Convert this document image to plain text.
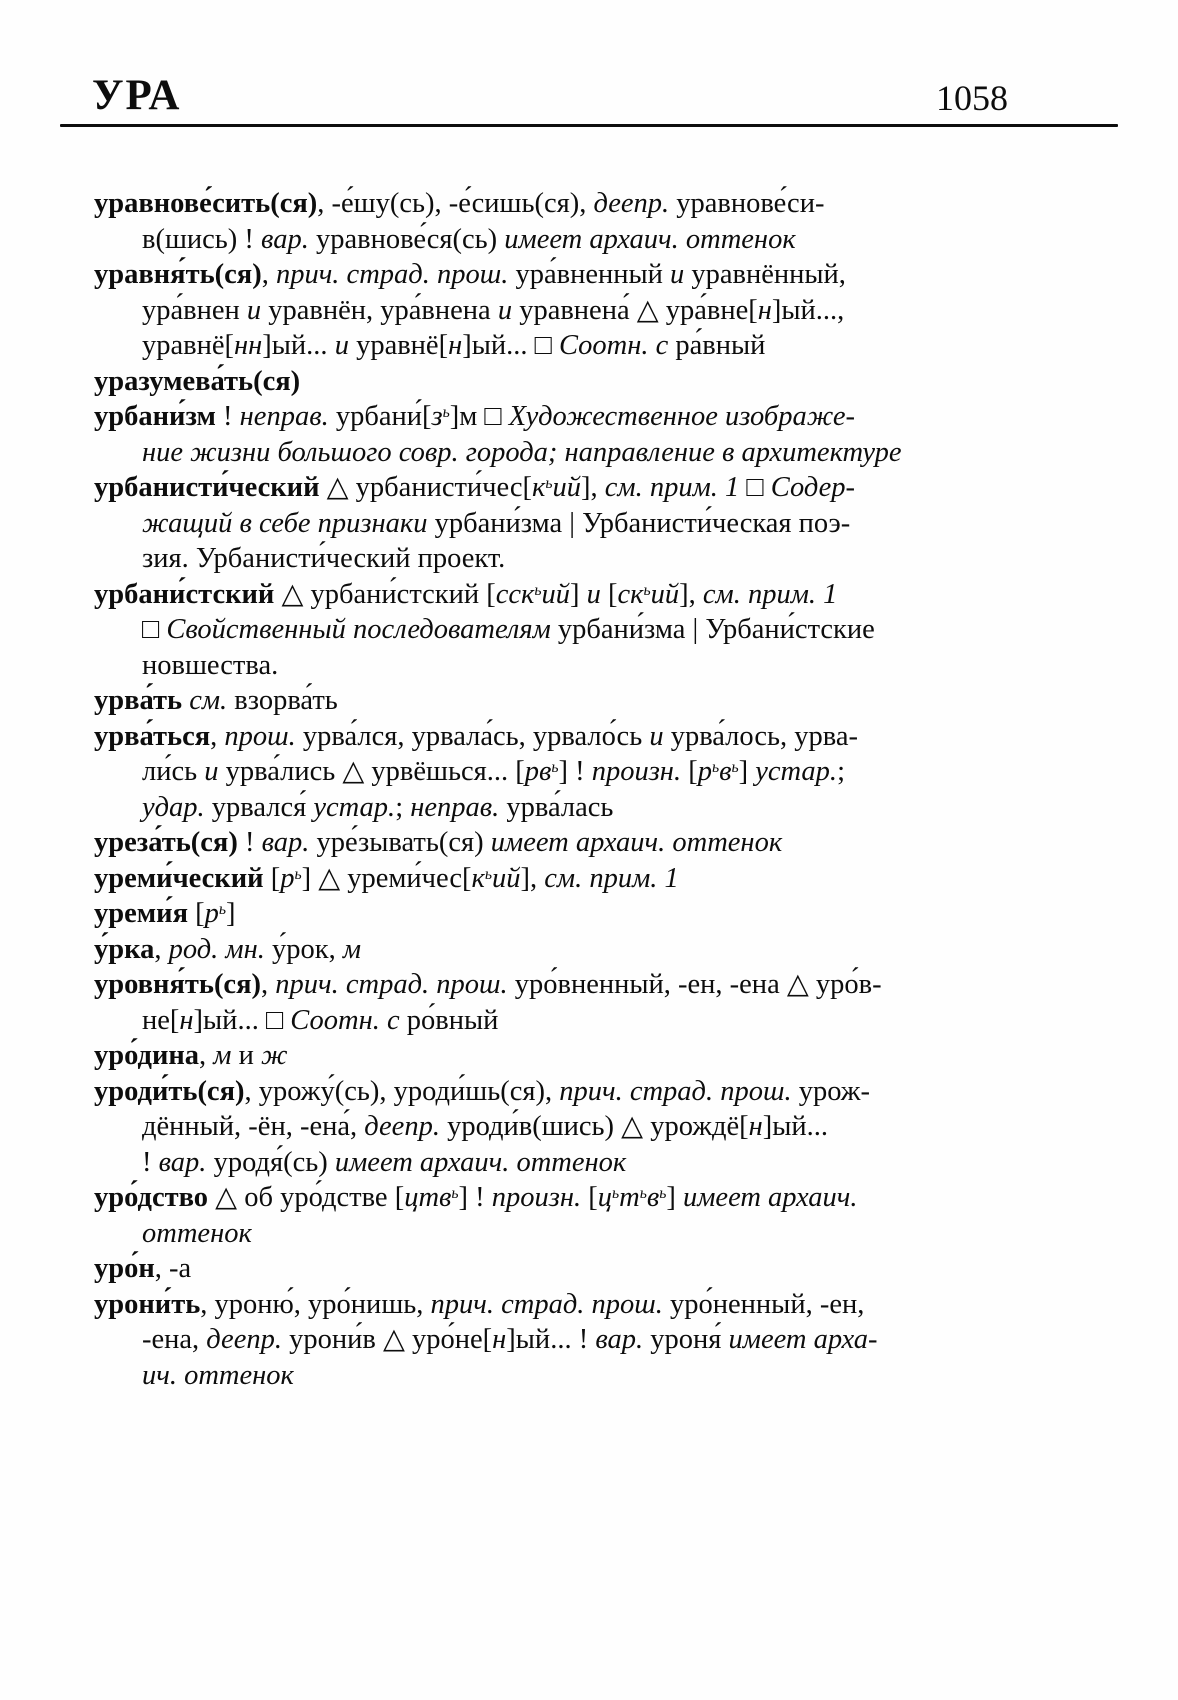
УРА	1058
уравнове́сить(ся), -е́шу(сь), -е́сишь(ся), деепр. уравнове́си-
в(шись) ! вар. уравнове́ся(сь) имеет архаич. оттенок
уравня́ть(ся), прич. страд. прош. ура́вненный и уравнённый,
ура́внен и уравнён, ура́внена и уравнена́ △ ура́вне[н]ый...,
уравнё[нн]ый... и уравнё[н]ый... □ Соотн. с ра́вный
уразумева́ть(ся)
урбани́зм ! неправ. $урбани́[з^ь]м$ □ Художественное изображе-
ние жизни большого совр. города; направление в архитектуре
урбанисти́ческий △ $урбанисти́чес[к^ьий]$, см. прим. 1 □ Содер-
жащий в себе признаки урбани́зма | Урбанисти́ческая поэ-
зия. Урбанисти́ческий проект.
урбани́стский △ урбани́стский [сск$^ь$ий] и $[ск^ьий]$, см. прим. 1
□ Свойственный последователям урбани́зма | Урбани́стские
новшества.
урва́ть см. взорва́ть
урва́ться, прош. урва́лся, урвала́сь, урвало́сь и урва́лось, урва-
ли́сь и урва́лись △ урвёшься... $[рв^ь]$ ! произн. $[р^ьв^ь]$ устар.;
удар. урвался́ устар.; неправ. урва́лась
уреза́ть(ся) ! вар. уре́зывать(ся) имеет архаич. оттенок
уреми́ческий $[р^ь]$ △ $уреми́чес[к^ьий]$, см. прим. 1
уреми́я $[р^ь]$
у́рка, род. мн. у́рок, м
уровня́ть(ся), прич. страд. прош. уро́вненный, -ен, -ена △ уро́в-
не[н]ый... □ Соотн. с ро́вный
уро́дина, м и ж
уроди́ть(ся), урожу́(сь), уроди́шь(ся), прич. страд. прош. урож-
дённый, -ён, -ена́, деепр. уроди́в(шись) △ урождё[н]ый...
! вар. уродя́(сь) имеет архаич. оттенок
уро́дство △ об уро́дстве [цтв$^ь$] ! произн. $[ц^ьт^ьв^ь]$ имеет архаич.
оттенок
уро́н, -а
урони́ть, уроню́, уро́нишь, прич. страд. прош. уро́ненный, -ен,
-ена, деепр. урони́в △ уро́не[н]ый... ! вар. уроня́ имеет арха-
ич. оттенок
